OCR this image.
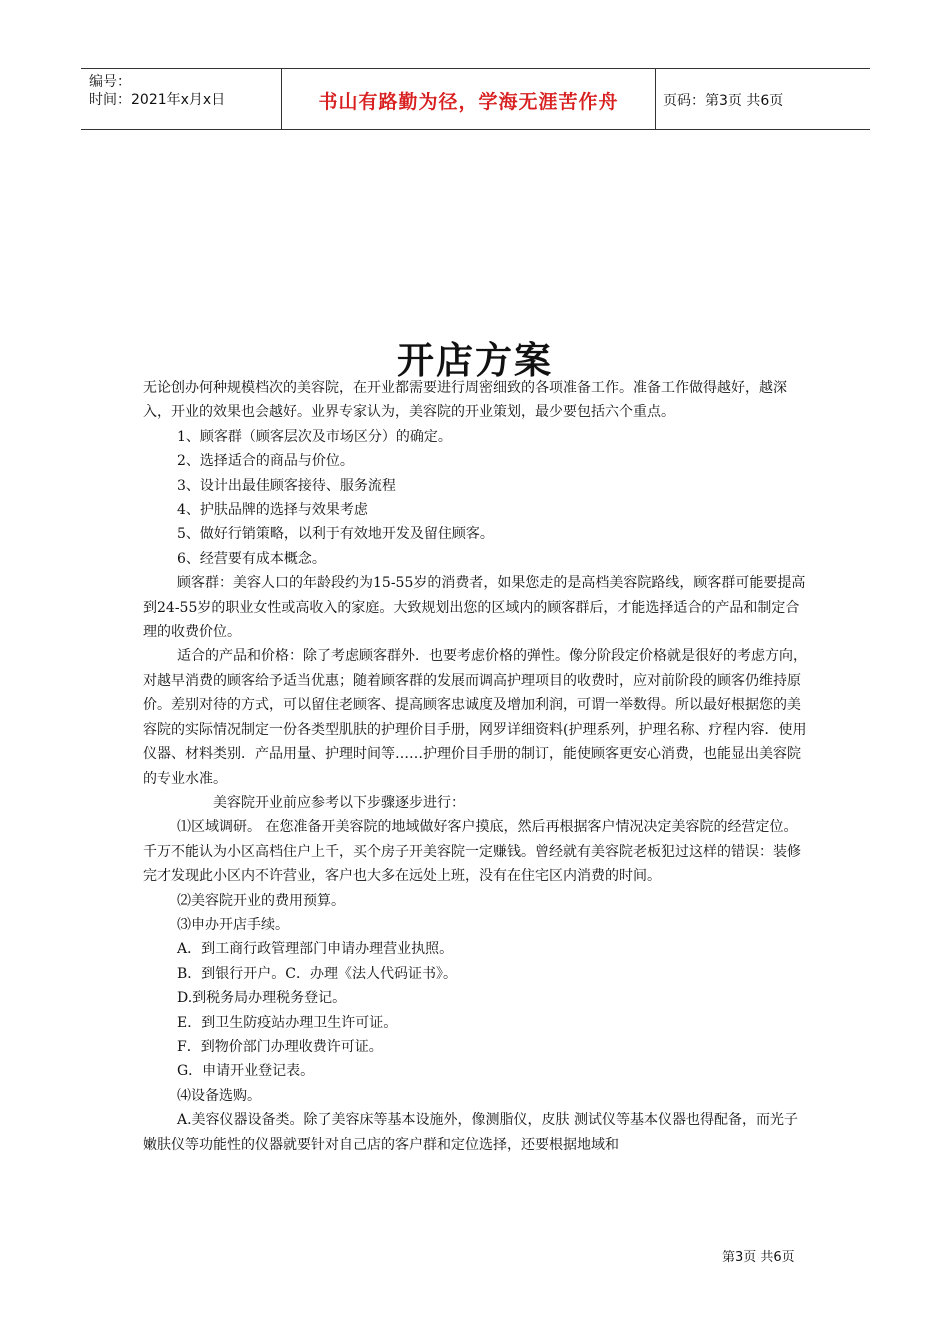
编号：
时间：2021年x月x日	书山有路勤为径，学海无涯苦作舟	页码：第3页 共6页
开店方案

无论创办何种规模档次的美容院，在开业都需要进行周密细致的各项准备工作。准备工作做得越好，越深入，开业的效果也会越好。业界专家认为，美容院的开业策划，最少要包括六个重点。

1、顾客群（顾客层次及市场区分）的确定。

2、选择适合的商品与价位。

3、设计出最佳顾客接待、服务流程

4、护肤品牌的选择与效果考虑

5、做好行销策略，以利于有效地开发及留住顾客。

6、经营要有成本概念。

顾客群：美容人口的年龄段约为15-55岁的消费者，如果您走的是高档美容院路线，顾客群可能要提高到24-55岁的职业女性或高收入的家庭。大致规划出您的区域内的顾客群后，才能选择适合的产品和制定合理的收费价位。

适合的产品和价格：除了考虑顾客群外．也要考虑价格的弹性。像分阶段定价格就是很好的考虑方向，对越早消费的顾客给予适当优惠；随着顾客群的发展而调高护理项目的收费时，应对前阶段的顾客仍维持原价。差别对待的方式，可以留住老顾客、提高顾客忠诚度及增加利润，可谓一举数得。所以最好根据您的美容院的实际情况制定一份各类型肌肤的护理价目手册，网罗详细资料(护理系列，护理名称、疗程内容．使用仪器、材料类别．产品用量、护理时间等……护理价目手册的制订，能使顾客更安心消费，也能显出美容院的专业水准。

美容院开业前应参考以下步骤逐步进行：

⑴区域调研。 在您准备开美容院的地域做好客户摸底，然后再根据客户情况决定美容院的经营定位。千万不能认为小区高档住户上千，买个房子开美容院一定赚钱。曾经就有美容院老板犯过这样的错误：装修完才发现此小区内不许营业，客户也大多在远处上班，没有在住宅区内消费的时间。

⑵美容院开业的费用预算。

⑶申办开店手续。

A．到工商行政管理部门申请办理营业执照。

B．到银行开户。C．办理《法人代码证书》。

D.到税务局办理税务登记。

E．到卫生防疫站办理卫生许可证。

F．到物价部门办理收费许可证。

G．申请开业登记表。

⑷设备选购。

A.美容仪器设备类。除了美容床等基本设施外，像测脂仪，皮肤 测试仪等基本仪器也得配备，而光子嫩肤仪等功能性的仪器就要针对自己店的客户群和定位选择，还要根据地域和

第3页 共6页
